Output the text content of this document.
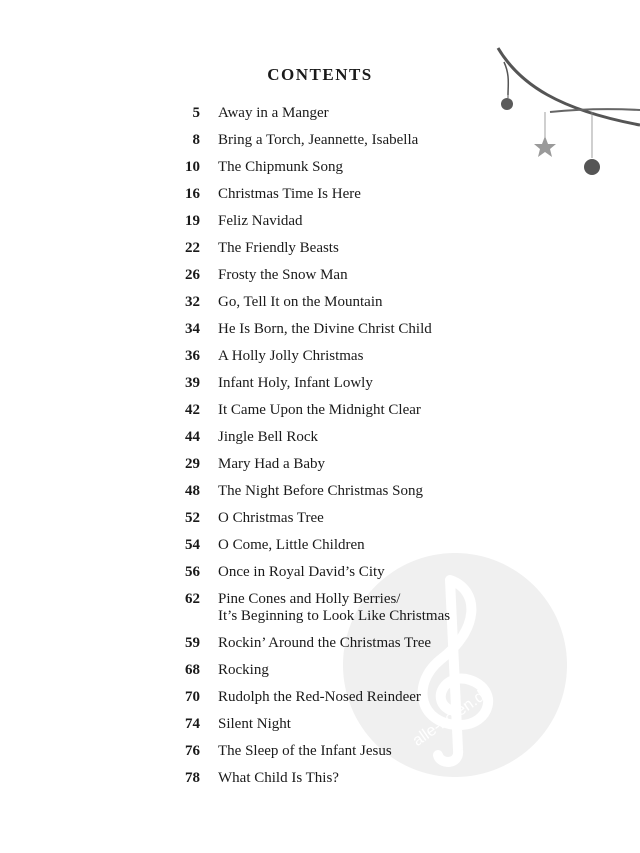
alle-noten.de
CONTENTS
5 Away in a Manger
8 Bring a Torch, Jeannette, Isabella
10 The Chipmunk Song
16 Christmas Time Is Here
19 Feliz Navidad
22 The Friendly Beasts
26 Frosty the Snow Man
32 Go, Tell It on the Mountain
34 He Is Born, the Divine Christ Child
36 A Holly Jolly Christmas
39 Infant Holy, Infant Lowly
42 It Came Upon the Midnight Clear
44 Jingle Bell Rock
29 Mary Had a Baby
48 The Night Before Christmas Song
52 O Christmas Tree
54 O Come, Little Children
56 Once in Royal David’s City
62 Pine Cones and Holly Berries/
It’s Beginning to Look Like Christmas
59 Rockin’ Around the Christmas Tree
68 Rocking
70 Rudolph the Red-Nosed Reindeer
74 Silent Night
76 The Sleep of the Infant Jesus
78 What Child Is This?
